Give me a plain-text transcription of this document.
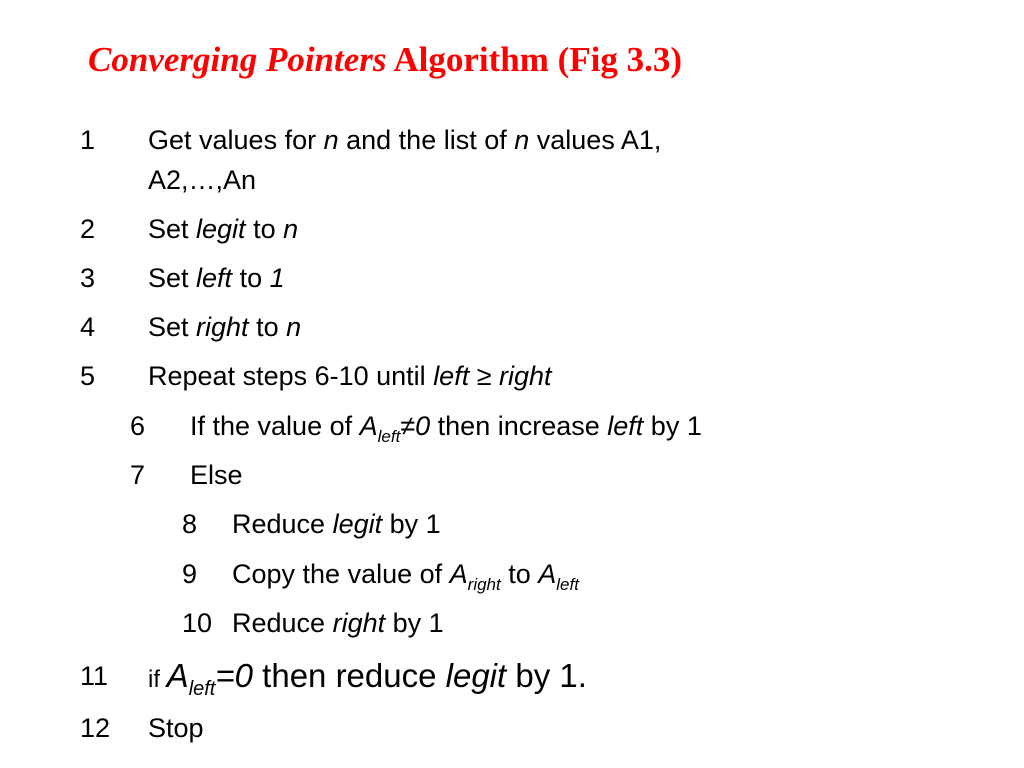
Converging Pointers Algorithm (Fig 3.3)
1 Get values for n and the list of n values A1,
A2,…,An
2 Set legit to n
3 Set left to 1
4 Set right to n
5 Repeat steps 6-10 until left ≥ right
6 If the value of $A_{left}\ne 0$ then increase left by 1
7 Else
8 Reduce legit by 1
9 Copy the value of $A_{right}$ to $A_{left}$
10 Reduce right by 1
11 if $A_{left}=0$ then reduce legit by 1.
12 Stop
